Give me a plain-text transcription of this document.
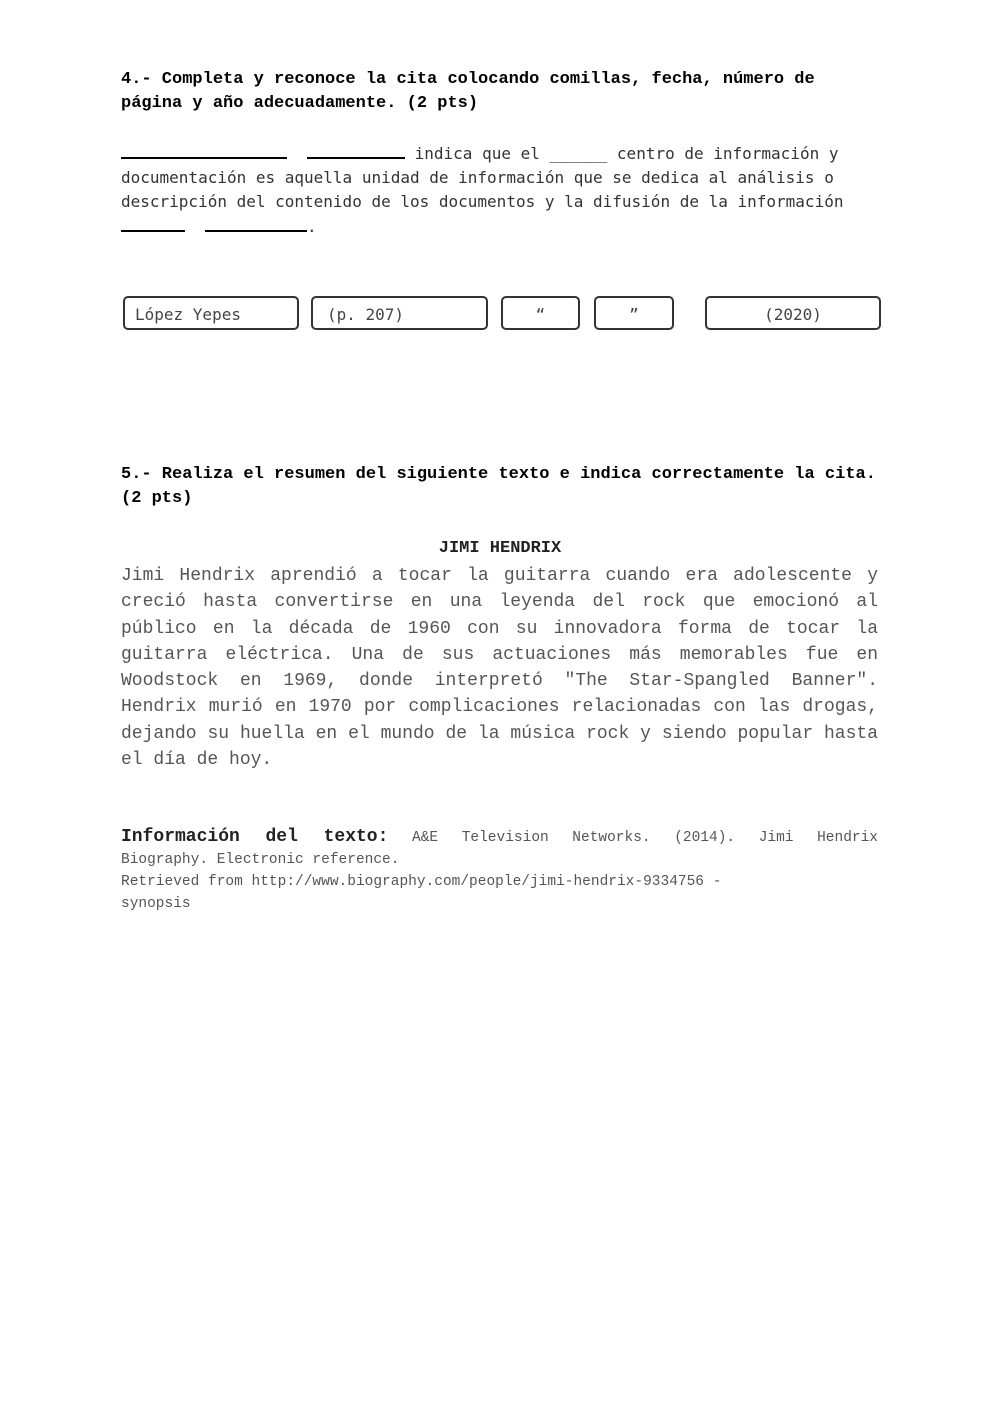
4.- Completa y reconoce la cita colocando comillas, fecha, número de página y año adecuadamente. (2 pts)

indica que el ______ centro de información y documentación es aquella unidad de información que se dedica al análisis o descripción del contenido de los documentos y la difusión de la información .
López Yepes	(p. 207)	“	”	(2020)

5.- Realiza el resumen del siguiente texto e indica correctamente la cita. (2 pts)

JIMI HENDRIX

Jimi Hendrix aprendió a tocar la guitarra cuando era adolescente y creció hasta convertirse en una leyenda del rock que emocionó al público en la década de 1960 con su innovadora forma de tocar la guitarra eléctrica. Una de sus actuaciones más memorables fue en Woodstock en 1969, donde interpretó "The Star-Spangled Banner". Hendrix murió en 1970 por complicaciones relacionadas con las drogas, dejando su huella en el mundo de la música rock y siendo popular hasta el día de hoy.

Información del texto: A&E Television Networks. (2014). Jimi Hendrix
Biography. Electronic reference.
Retrieved from http://www.biography.com/people/jimi-hendrix-9334756 -
synopsis
